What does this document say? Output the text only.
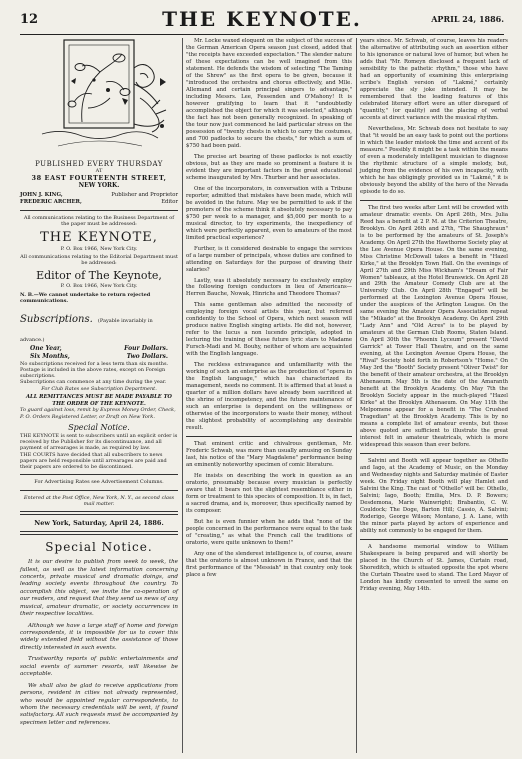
12	THE KEYNOTE.	APRIL 24, 1886.
PUBLISHED EVERY THURSDAY
AT
38 EAST FOURTEENTH STREET,
NEW YORK.
JOHN J. KING,	Publisher and Proprietor
FREDERIC ARCHER,	Editor
All communications relating to the Business Department of the paper must be addressed:
THE KEYNOTE,
P. O. Box 1966, New York City.
All communications relating to the Editorial Department must be addressed:
Editor of The Keynote,
P. O. Box 1966, New York City.
N. B.—We cannot undertake to return rejected communications.
Subscriptions. (Payable invariably in advance.)
One Year,	Four Dollars.
Six Months,	Two Dollars.
No subscriptions received for a less term than six months.
Postage is included in the above rates, except on Foreign subscriptions.
Subscriptions can commence at any time during the year.
For Club Rates see Subscription Department.
ALL REMITTANCES MUST BE MADE PAYABLE TO THE ORDER OF THE KEYNOTE.
To guard against loss, remit by Express Money Order, Check, P. O. Orders Registered Letter, or Draft on New York.
Special Notice.
THE KEYNOTE is sent to subscribers until an explicit order is received by the Publisher for its discontinuance, and all payment of arrearages is made, as required by law.
THE COURTS have decided that all subscribers to news papers are held responsible until arrearages are paid and their papers are ordered to be discontinued.
For Advertising Rates see Advertisement Columns.
Entered at the Post Office, New York, N. Y., as second class mail matter.
New York, Saturday, April 24, 1886.
Special Notice.

It is our desire to publish from week to week, the fullest, as well as the latest information concerning concerts, private musical and dramatic doings, and leading society events throughout the country. To accomplish this object, we invite the co-operation of our readers, and request that they send us news of any musical, amateur dramatic, or society occurrences in their respective localities.

Although we have a large staff of home and foreign correspondents, it is impossible for us to cover this widely extended field without the assistance of those directly interested in such events.

Trustworthy reports of public entertainments and social events of summer resorts, will likewise be acceptable.

We shall also be glad to receive applications from persons, resident in cities not already represented, who would be appointed regular correspondents, to whom the necessary credentials will be sent, if found satisfactory. All such requests must be accompanied by specimen letter and references.

Mr. Locke waxed eloquent on the subject of the success of the German American Opera season just closed, added that "the receipts have exceeded expectation." The slender nature of these expectations can be well imagined from this statement. He defends the wisdom of selecting "The Taming of the Shrew" as the first opera to be given, because it "introduced the orchestra and chorus effectively, and Mlle. Allemand and certain principal singers to advantage," including Messrs. Lee, Fessenden and O'Mahony! It is however gratifying to learn that it "undoubtedly accomplished the object for which it was selected," although the fact has not been generally recognized. In speaking of the tour now just commenced he laid particular stress on the possession of "twenty chests in which to carry the costumes, and 700 padlocks to secure the chests," for which a sum of $750 had been paid.

The precise art bearing of these padlocks is not exactly obvious, but as they are made so prominent a feature it is evident they are important factors in the great educational scheme inaugurated by Mrs. Thurber and her associates.

One of the incorporators, in conversation with a Tribune reporter, admitted that mistakes have been made, which will be avoided in the future. May we be permitted to ask if the promoters of the scheme think it absolutely necessary to pay $750 per week to a manager, and $5,000 per month to a musical director, to try experiments, the inexpediency of which were perfectly apparent, even to amateurs of the most limited practical experience?

Further, is it considered desirable to engage the services of a large number of principals, whose duties are confined to attending on Saturdays for the purpose of drawing their salaries?

Lastly, was it absolutely necessary to exclusively employ the following foreign conductors in lieu of Americans—Herren Bauche, Nowak, Hinrichs and Theodore Thomas?

This same gentleman also admitted the necessity of employing foreign vocal artists this year, but referred confidently to the School of Opera, which next season will produce native English singing artists. He did not, however, refer to the lucus a non lucendo principle, adopted in lecturing the training of these future lyric stars to Madame Fursch-Madi and M. Bouhy, neither of whom are acquainted with the English language.

The reckless extravagance and unfamiliarity with the working of such an enterprise as the production of "opera in the English language," which has characterized its management, needs no comment. It is affirmed that at least a quarter of a million dollars have already been sacrificed at the shrine of incompetency, and the future maintenance of such an enterprise is dependent on the willingness or otherwise of the incorporators to waste their money, without the slightest probability of accomplishing any desirable result.

That eminent critic and chivalrous gentleman, Mr. Frederic Schwab, was more than usually amusing on Sunday last, his notice of the "Mary Magdalene" performance being an eminently noteworthy specimen of comic literature.

He insists on describing the work in question as an oratorio, presumably because every musician is perfectly aware that it bears not the slightest resemblance either in form or treatment to this species of composition. It is, in fact, a sacred drama, and is, moreover, thus specifically named by its composer.

But he is even funnier when he adds that "none of the people concerned in the performance were equal to the task of "creating," as what the French call the traditions of oratorio, were quite unknown to them!"

Any one of the slenderest intelligence is, of course, aware that the oratorio is almost unknown in France, and that the first performance of the "Messiah" in that country only took place a few

years since. Mr. Schwab, of course, leaves his readers the alternative of attributing such an assertion either to his ignorance or natural love of humor, but when he adds that "Mr. Romeyn disclosed a frequent lack of sensibility to the pathetic rhythm," those who have had an opportunity of examining this enterprising scribe's English version of "Lakmé," certainly appreciate the sly joke intended. It may be remembered that the leading features of this celebrated literary effort were an utter disregard of "quantity," (or quality) and the placing of verbal accents at direct variance with the musical rhythm.

Nevertheless, Mr. Schwab does not hesitate to say that "it would be an easy task to point out the portions in which the leader mistook the time and accent of its measure." Possibly it might be a task within the means of even a moderately intelligent musician to diagnose the rhythmic structure of a simple melody, but, judging from the evidence of his own incapacity, with which he has obligingly provided us in "Lakmé," it is obviously beyond the ability of the hero of the Nevada episode to do so.

The first two weeks after Lent will be crowded with amateur dramatic events. On April 26th, Mrs. Julia Reed has a benefit at 2 P. M. at the Criterion Theatre, Brooklyn. On April 26th and 27th, "The Shaughraun" is to be performed by the amateurs of St. Joseph's Academy. On April 27th the Hawthorne Society play at the Lee Avenue Opera House. On the same evening, Miss Christine McDowall takes a benefit in "Hazel Kirke," at the Brooklyn Town Hall. On the evenings of April 27th and 29th Miss Wickham's "Dream of Fair Women" tableaux, at the Hotel Brunswick. On April 28 and 29th the Amateur Comedy Club are at the University Club. On April 28th "Engaged" will be performed at the Lexington Avenue Opera House, under the auspices of the Arlington League. On the same evening the Amateur Opera Association repeat the "Mikado" at the Brooklyn Academy. On April 29th "Lady Ann" and "Old Acres" is to be played by amateurs at the German Club Rooms, Staten Island. On April 30th the "Phoenix Lyceum" present "David Garrick" at Tower Hall Theatre, and on the same evening, at the Lexington Avenue Opera House, the "Rival" Society hold forth in Robertson's "Home." On May 3rd the "Booth" Society present "Oliver Twist" for the benefit of their amateur orchestra, at the Brooklyn Athenaeum. May 5th is the date of the Amaranth benefit at the Brooklyn Academy. On May 7th the Brooklyn Society appear in the much-played "Hazel Kirke" at the Brooklyn Athenaeum. On May 11th the Melpomene appear for a benefit in "The Crushed Tragedian" at the Brooklyn Academy. This is by no means a complete list of amateur events, but those above quoted are sufficient to illustrate the great interest felt in amateur theatricals, which is more widespread this season than ever before.

Salvini and Booth will appear together as Othello and Iago, at the Academy of Music, on the Monday and Wednesday nights and Saturday matinée of Easter week. On Friday night Booth will play Hamlet and Salvini the King. The cast of "Othello" will be: Othello, Salvini; Iago, Booth; Emilia, Mrs. D. P. Bowers; Desdemona, Marie Wainwright; Brabantio, C. W. Couldock; The Doge, Barton Hill; Cassio, A. Salvini; Roderigo, George Wilson; Montano, J. A. Lane, with the minor parts played by actors of experience and ability not commonly to be engaged for them.

A handsome memorial window to William Shakespeare is being prepared and will shortly be placed in the Church of St. James, Curtain road, Shoreditch, which is situated opposite the spot where the Curtain Theatre used to stand. The Lord Mayor of London has kindly consented to unveil the same on Friday evening, May 14th.
